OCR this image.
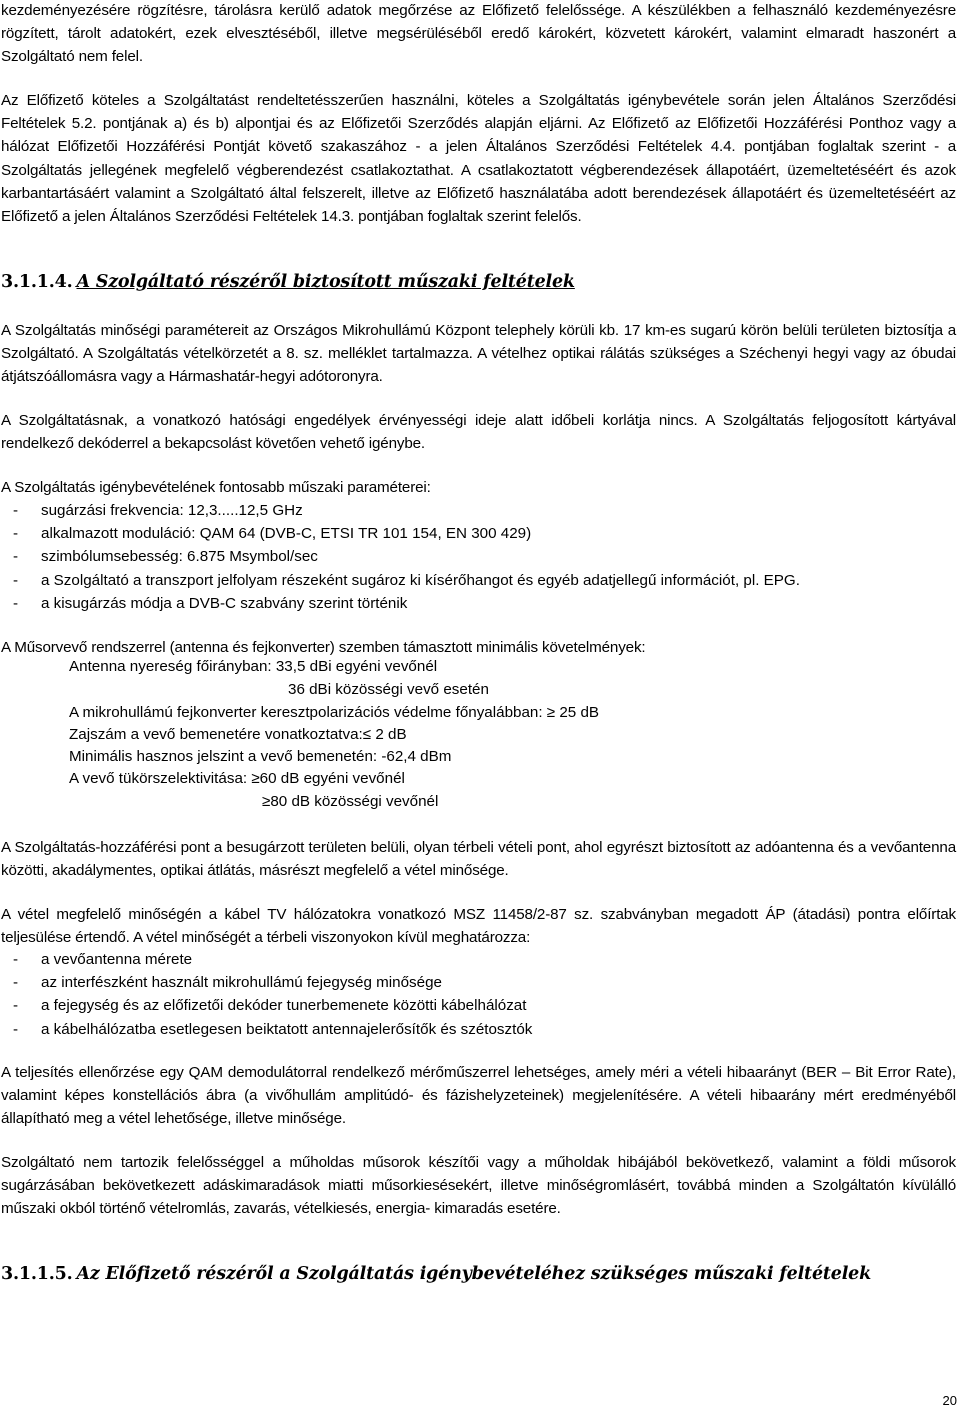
kezdeményezésére rögzítésre, tárolásra kerülő adatok megőrzése az Előfizető felelőssége. A készülékben a felhasználó kezdeményezésre rögzített, tárolt adatokért, ezek elvesztéséből, illetve megsérüléséből eredő károkért, közvetett károkért, valamint elmaradt haszonért a Szolgáltató nem felel.

Az Előfizető köteles a Szolgáltatást rendeltetésszerűen használni, köteles a Szolgáltatás igénybevétele során jelen Általános Szerződési Feltételek 5.2. pontjának a) és b) alpontjai és az Előfizetői Szerződés alapján eljárni. Az Előfizető az Előfizetői Hozzáférési Ponthoz vagy a hálózat Előfizetői Hozzáférési Pontját követő szakaszához - a jelen Általános Szerződési Feltételek 4.4. pontjában foglaltak szerint - a Szolgáltatás jellegének megfelelő végberendezést csatlakoztathat. A csatlakoztatott végberendezések állapotáért, üzemeltetéséért és azok karbantartásáért valamint a Szolgáltató által felszerelt, illetve az Előfizető használatába adott berendezések állapotáért és üzemeltetéséért az Előfizető a jelen Általános Szerződési Feltételek 14.3. pontjában foglaltak szerint felelős.

3.1.1.4. A Szolgáltató részéről biztosított műszaki feltételek

A Szolgáltatás minőségi paramétereit az Országos Mikrohullámú Központ telephely körüli kb. 17 km-es sugarú körön belüli területen biztosítja a Szolgáltató. A Szolgáltatás vételkörzetét a 8. sz. melléklet tartalmazza. A vételhez optikai rálátás szükséges a Széchenyi hegyi vagy az óbudai átjátszóállomásra vagy a Hármashatár-hegyi adótoronyra.

A Szolgáltatásnak, a vonatkozó hatósági engedélyek érvényességi ideje alatt időbeli korlátja nincs. A Szolgáltatás feljogosított kártyával rendelkező dekóderrel a bekapcsolást követően vehető igénybe.

A Szolgáltatás igénybevételének fontosabb műszaki paraméterei:

- sugárzási frekvencia: 12,3.....12,5 GHz
- alkalmazott moduláció: QAM 64 (DVB-C, ETSI TR 101 154, EN 300 429)
- szimbólumsebesség: 6.875 Msymbol/sec
- a Szolgáltató a transzport jelfolyam részeként sugároz ki kísérőhangot és egyéb adatjellegű információt, pl. EPG.
- a kisugárzás módja a DVB-C szabvány szerint történik

A Műsorvevő rendszerrel (antenna és fejkonverter) szemben támasztott minimális követelmények:

Antenna nyereség főirányban: 33,5 dBi egyéni vevőnél

36 dBi közösségi vevő esetén

A mikrohullámú fejkonverter keresztpolarizációs védelme főnyalábban: ≥ 25 dB

Zajszám a vevő bemenetére vonatkoztatva:≤ 2 dB

Minimális hasznos jelszint a vevő bemenetén: -62,4 dBm

A vevő tükörszelektivitása: ≥60 dB egyéni vevőnél

≥80 dB közösségi vevőnél

A Szolgáltatás-hozzáférési pont a besugárzott területen belüli, olyan térbeli vételi pont, ahol egyrészt biztosított az adóantenna és a vevőantenna közötti, akadálymentes, optikai átlátás, másrészt megfelelő a vétel minősége.

A vétel megfelelő minőségén a kábel TV hálózatokra vonatkozó MSZ 11458/2-87 sz. szabványban megadott ÁP (átadási) pontra előírtak teljesülése értendő. A vétel minőségét a térbeli viszonyokon kívül meghatározza:

- a vevőantenna mérete
- az interfészként használt mikrohullámú fejegység minősége
- a fejegység és az előfizetői dekóder tunerbemenete közötti kábelhálózat
- a kábelhálózatba esetlegesen beiktatott antennajelerősítők és szétosztók

A teljesítés ellenőrzése egy QAM demodulátorral rendelkező mérőműszerrel lehetséges, amely méri a vételi hibaarányt (BER – Bit Error Rate), valamint képes konstellációs ábra (a vivőhullám amplitúdó- és fázishelyzeteinek) megjelenítésére. A vételi hibaarány mért eredményéből állapítható meg a vétel lehetősége, illetve minősége.

Szolgáltató nem tartozik felelősséggel a műholdas műsorok készítői vagy a műholdak hibájából bekövetkező, valamint a földi műsorok sugárzásában bekövetkezett adáskimaradások miatti műsorkiesésekért, illetve minőségromlásért, továbbá minden a Szolgáltatón kívülálló műszaki okból történő vételromlás, zavarás, vételkiesés, energia- kimaradás esetére.

3.1.1.5. Az Előfizető részéről a Szolgáltatás igénybevételéhez szükséges műszaki feltételek
20
